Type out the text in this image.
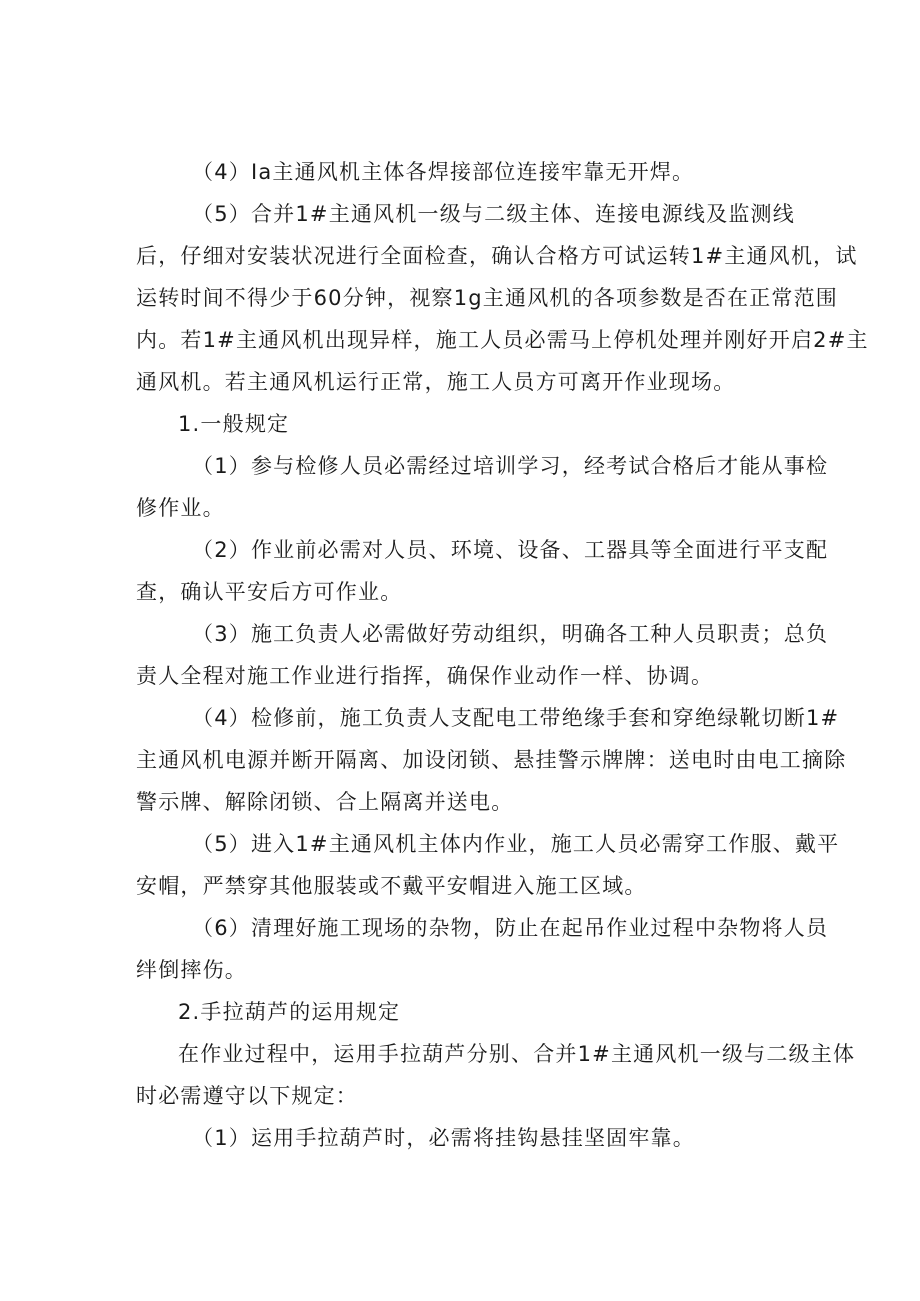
（4）Ia主通风机主体各焊接部位连接牢靠无开焊。
（5）合并1#主通风机一级与二级主体、连接电源线及监测线
后，仔细对安装状况进行全面检查，确认合格方可试运转1#主通风机，试
运转时间不得少于60分钟，视察1g主通风机的各项参数是否在正常范围
内。若1#主通风机出现异样，施工人员必需马上停机处理并刚好开启2#主
通风机。若主通风机运行正常，施工人员方可离开作业现场。
1.一般规定
（1）参与检修人员必需经过培训学习，经考试合格后才能从事检
修作业。
（2）作业前必需对人员、环境、设备、工器具等全面进行平支配
查，确认平安后方可作业。
（3）施工负责人必需做好劳动组织，明确各工种人员职责；总负
责人全程对施工作业进行指挥，确保作业动作一样、协调。
（4）检修前，施工负责人支配电工带绝缘手套和穿绝绿靴切断1#
主通风机电源并断开隔离、加设闭锁、悬挂警示牌牌：送电时由电工摘除
警示牌、解除闭锁、合上隔离并送电。
（5）进入1#主通风机主体内作业，施工人员必需穿工作服、戴平
安帽，严禁穿其他服装或不戴平安帽进入施工区域。
（6）清理好施工现场的杂物，防止在起吊作业过程中杂物将人员
绊倒摔伤。
2.手拉葫芦的运用规定
在作业过程中，运用手拉葫芦分别、合并1#主通风机一级与二级主体
时必需遵守以下规定：
（1）运用手拉葫芦时，必需将挂钩悬挂坚固牢靠。
